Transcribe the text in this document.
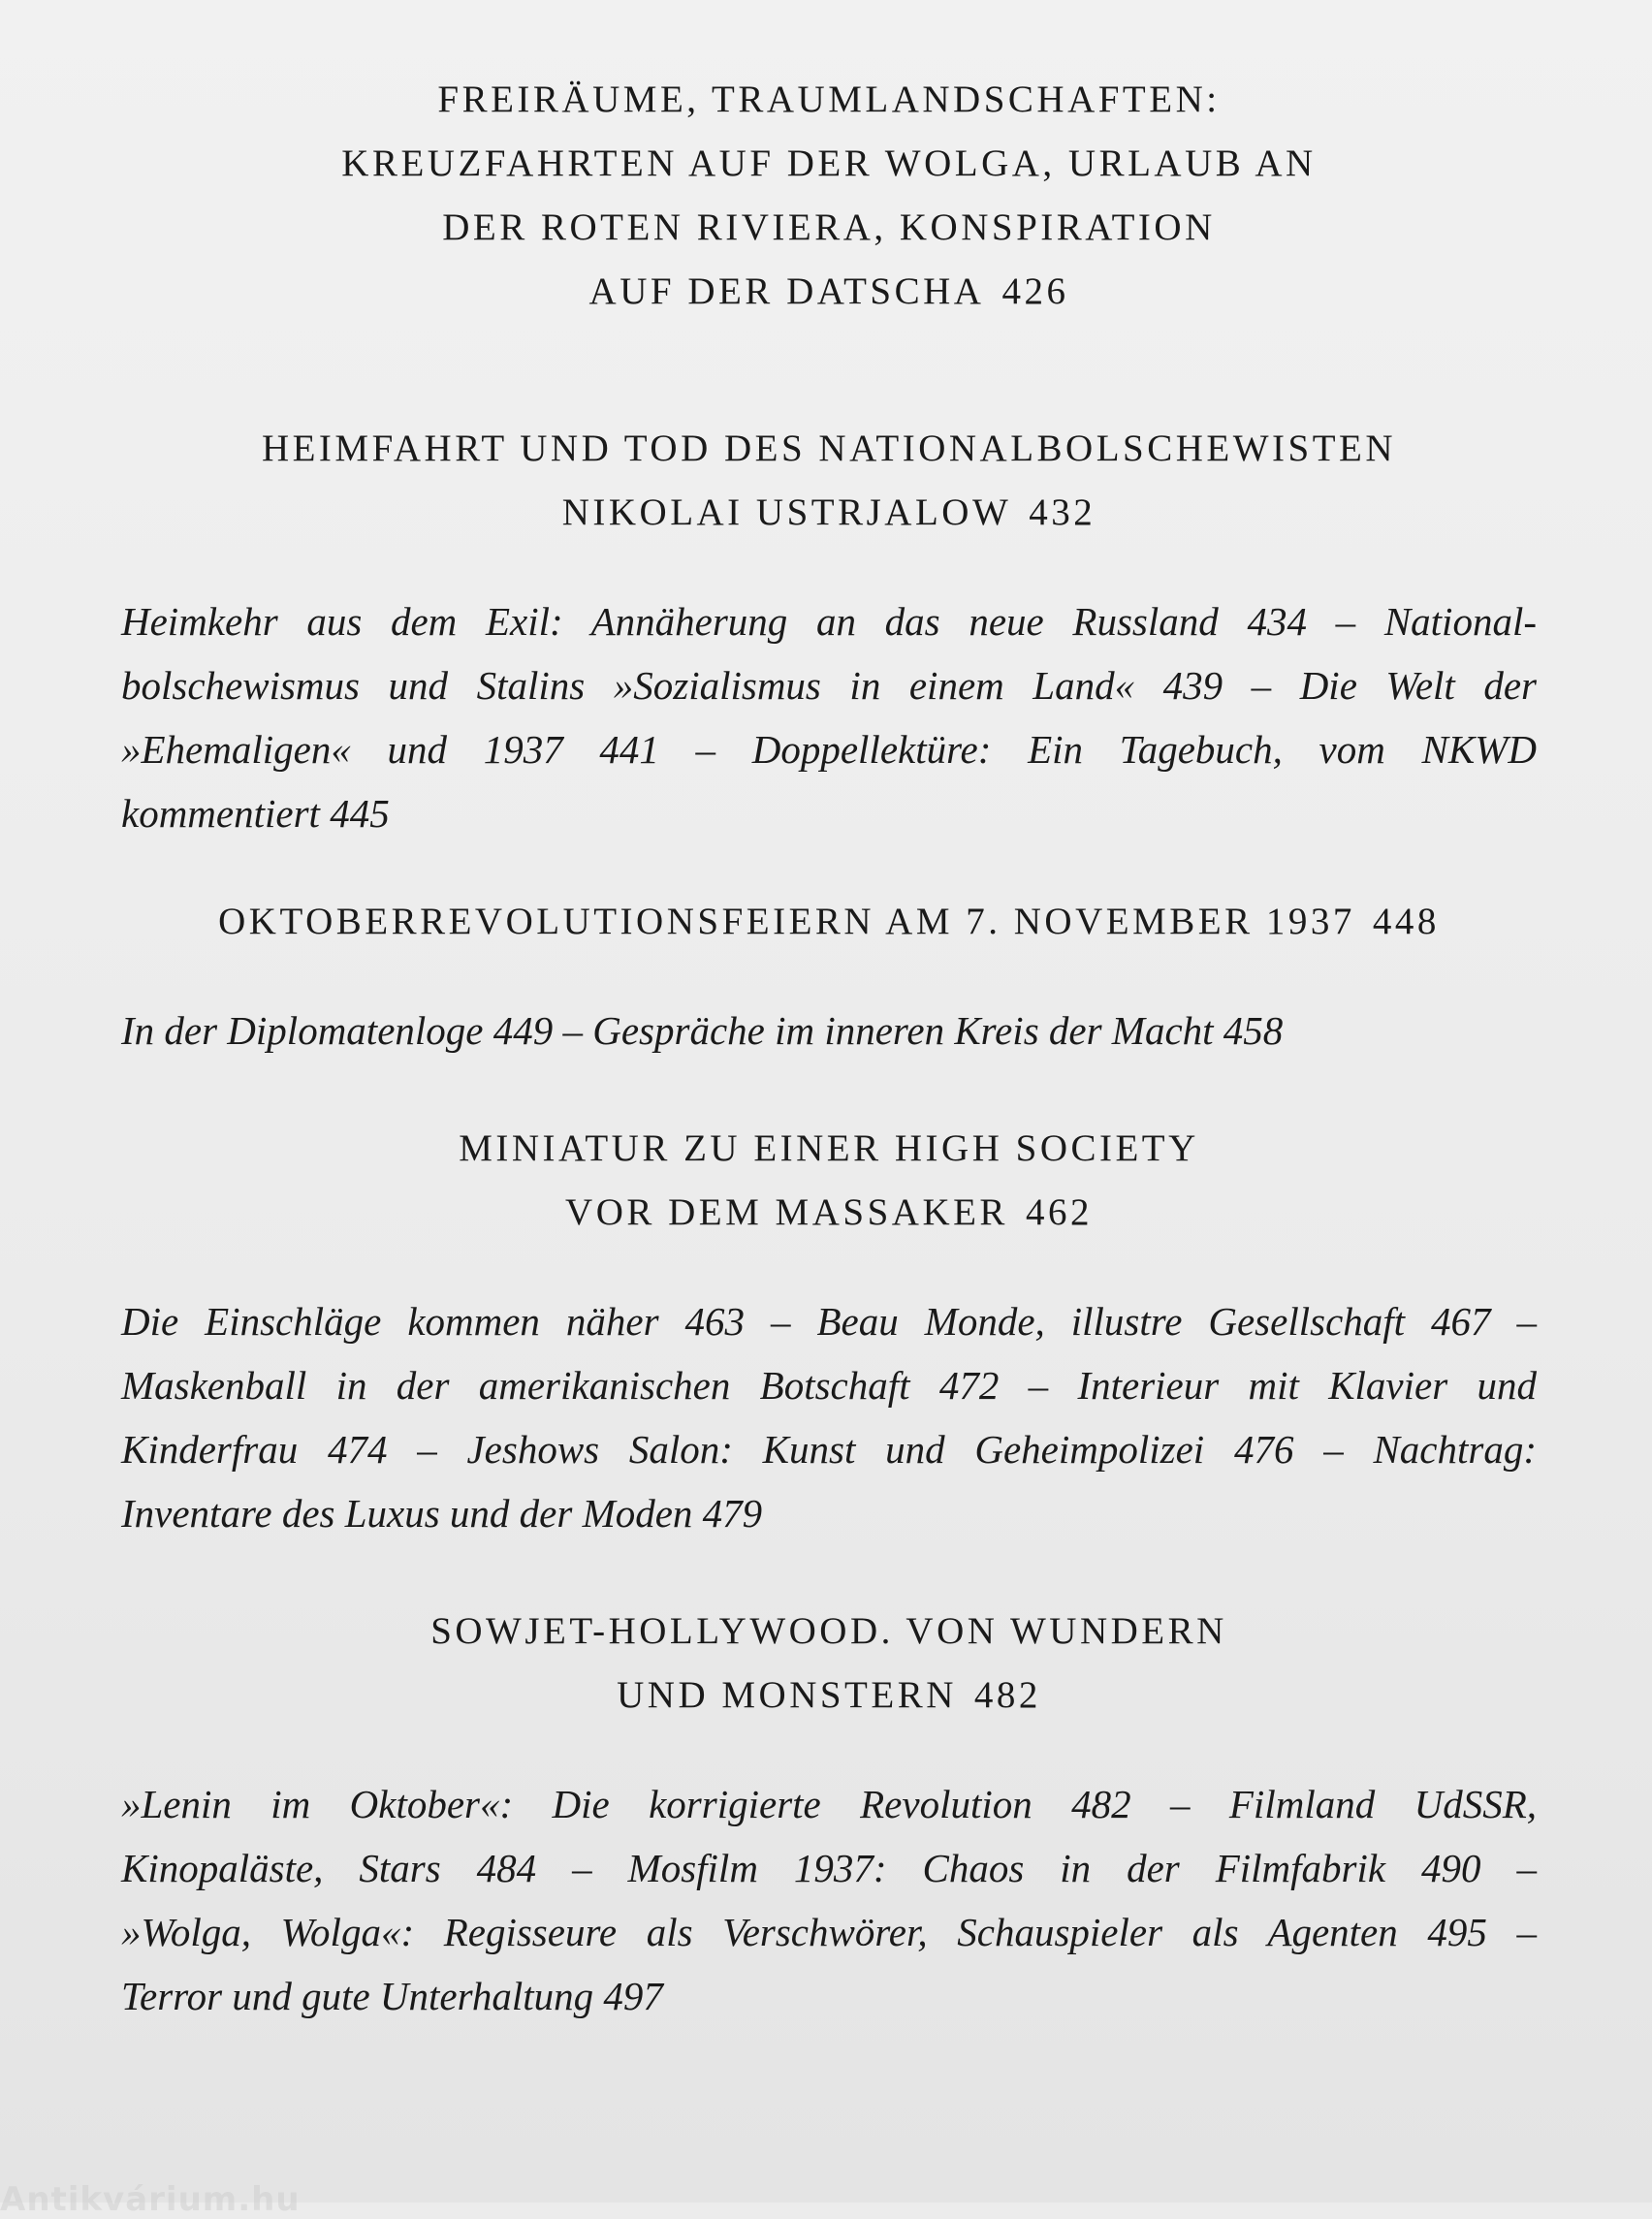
FREIRÄUME, TRAUMLANDSCHAFTEN:
KREUZFAHRTEN AUF DER WOLGA, URLAUB AN
DER ROTEN RIVIERA, KONSPIRATION
AUF DER DATSCHA 426
HEIMFAHRT UND TOD DES NATIONALBOLSCHEWISTEN
NIKOLAI USTRJALOW 432
Heimkehr aus dem Exil: Annäherung an das neue Russland 434 – National-
bolschewismus und Stalins »Sozialismus in einem Land« 439 – Die Welt der
»Ehemaligen« und 1937 441 – Doppellektüre: Ein Tagebuch, vom NKWD
kommentiert 445
OKTOBERREVOLUTIONSFEIERN AM 7. NOVEMBER 1937 448
In der Diplomatenloge 449 – Gespräche im inneren Kreis der Macht 458
MINIATUR ZU EINER HIGH SOCIETY
VOR DEM MASSAKER 462
Die Einschläge kommen näher 463 – Beau Monde, illustre Gesellschaft 467 –
Maskenball in der amerikanischen Botschaft 472 – Interieur mit Klavier und
Kinderfrau 474 – Jeshows Salon: Kunst und Geheimpolizei 476 – Nachtrag:
Inventare des Luxus und der Moden 479
SOWJET-HOLLYWOOD. VON WUNDERN
UND MONSTERN 482
»Lenin im Oktober«: Die korrigierte Revolution 482 – Filmland UdSSR,
Kinopaläste, Stars 484 – Mosfilm 1937: Chaos in der Filmfabrik 490 –
»Wolga, Wolga«: Regisseure als Verschwörer, Schauspieler als Agenten 495 –
Terror und gute Unterhaltung 497
Antikvárium.hu
